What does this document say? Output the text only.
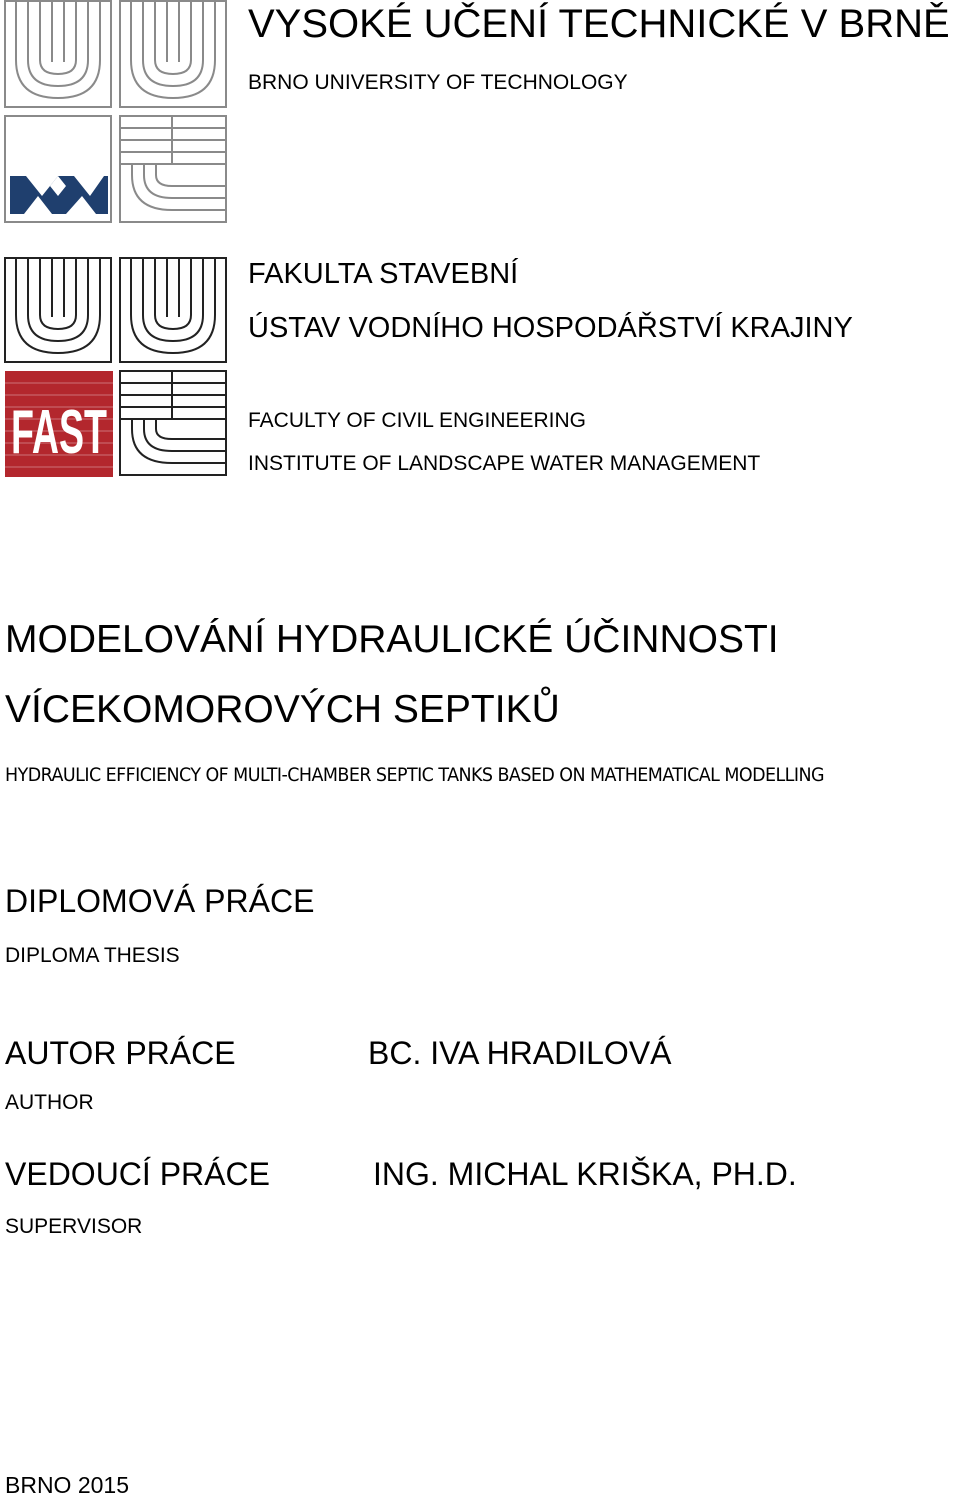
FAST
VYSOKÉ UČENÍ TECHNICKÉ V BRNĚ
BRNO UNIVERSITY OF TECHNOLOGY
FAKULTA STAVEBNÍ
ÚSTAV VODNÍHO HOSPODÁŘSTVÍ KRAJINY
FACULTY OF CIVIL ENGINEERING
INSTITUTE OF LANDSCAPE WATER MANAGEMENT
MODELOVÁNÍ HYDRAULICKÉ ÚČINNOSTI
VÍCEKOMOROVÝCH SEPTIKŮ
HYDRAULIC EFFICIENCY OF MULTI-CHAMBER SEPTIC TANKS BASED ON MATHEMATICAL MODELLING
DIPLOMOVÁ PRÁCE
DIPLOMA THESIS
AUTOR PRÁCE	BC. IVA HRADILOVÁ
AUTHOR
VEDOUCÍ PRÁCE	ING. MICHAL KRIŠKA, PH.D.
SUPERVISOR
BRNO 2015
